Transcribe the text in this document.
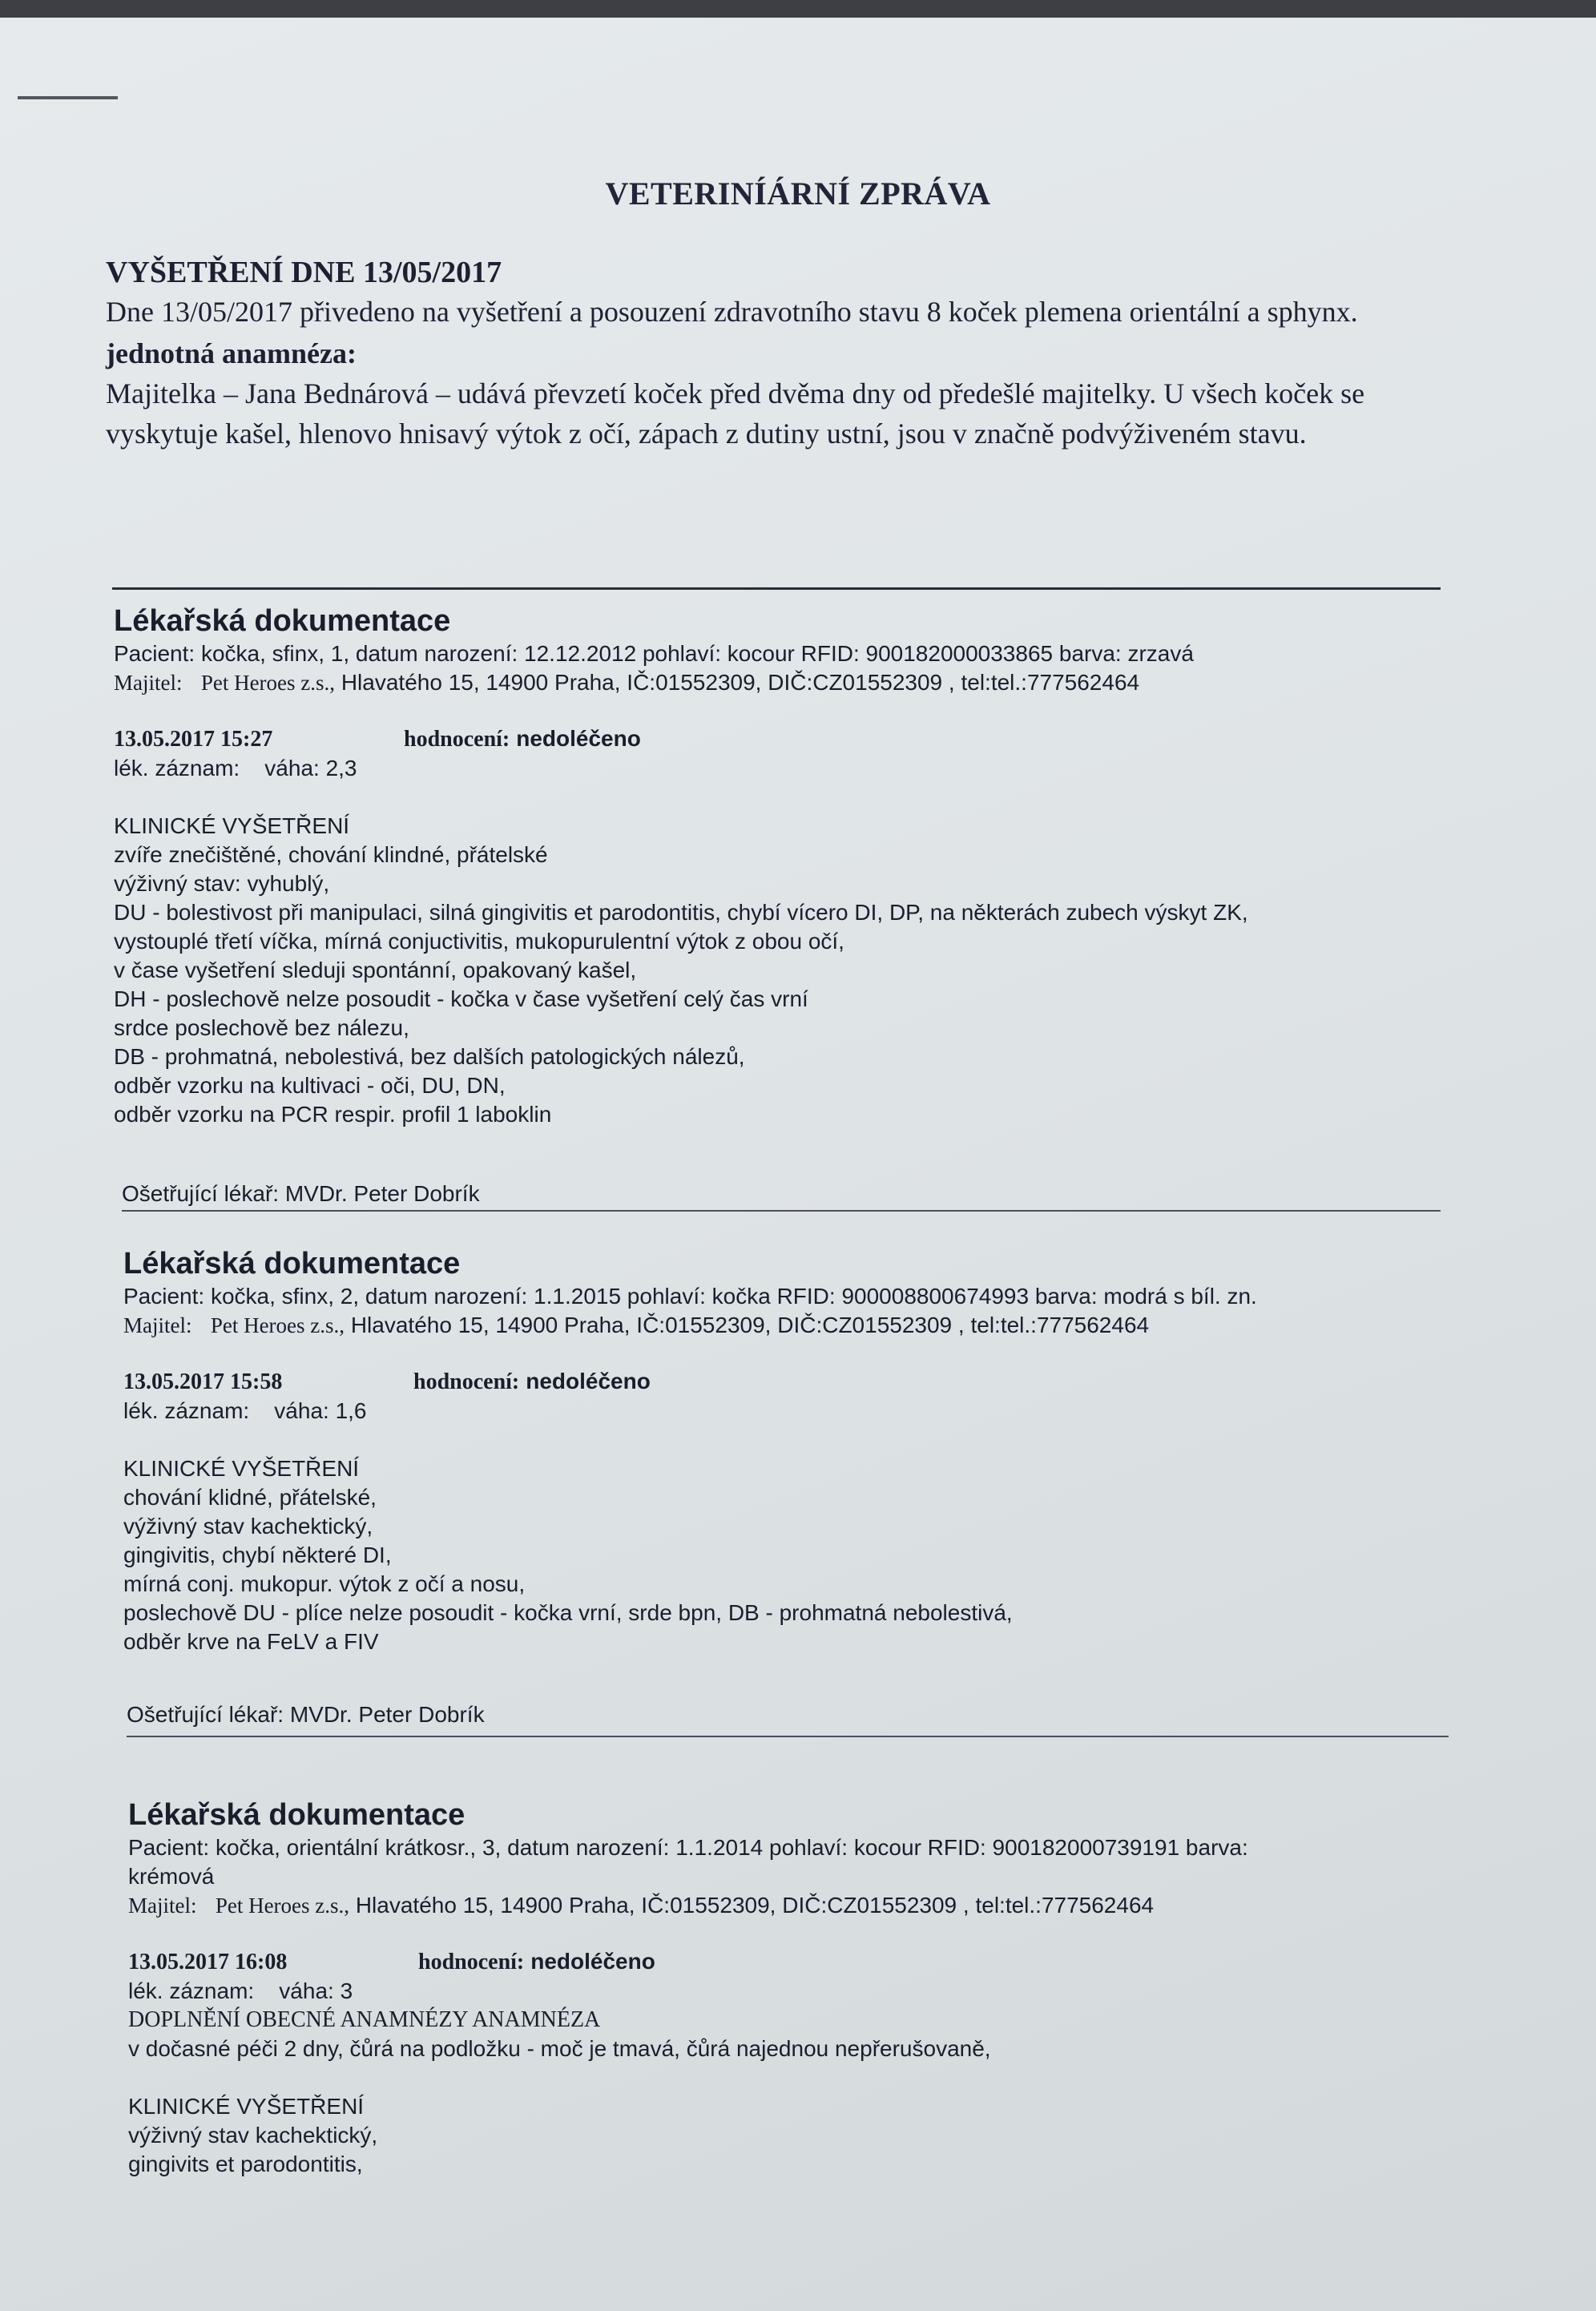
VETERINÍÁRNÍ ZPRÁVA

VYŠETŘENÍ DNE 13/05/2017

Dne 13/05/2017 přivedeno na vyšetření a posouzení zdravotního stavu 8 koček plemena orientální a sphynx.

jednotná anamnéza:

Majitelka – Jana Bednárová – udává převzetí koček před dvěma dny od předešlé majitelky. U všech koček se vyskytuje kašel, hlenovo hnisavý výtok z očí, zápach z dutiny ustní, jsou v značně podvýživeném stavu.

Lékařská dokumentace

Pacient: kočka, sfinx, 1, datum narození: 12.12.2012 pohlaví: kocour RFID: 900182000033865 barva: zrzavá

Majitel: Pet Heroes z.s., Hlavatého 15, 14900 Praha, IČ:01552309, DIČ:CZ01552309 , tel:tel.:777562464

13.05.2017 15:27	hodnocení: nedoléčeno

lék. záznam: váha: 2,3

KLINICKÉ VYŠETŘENÍ

zvíře znečištěné, chování klindné, přátelské

výživný stav: vyhublý,

DU - bolestivost při manipulaci, silná gingivitis et parodontitis, chybí vícero DI, DP, na některách zubech výskyt ZK,

vystouplé třetí víčka, mírná conjuctivitis, mukopurulentní výtok z obou očí,

v čase vyšetření sleduji spontánní, opakovaný kašel,

DH - poslechově nelze posoudit - kočka v čase vyšetření celý čas vrní

srdce poslechově bez nálezu,

DB - prohmatná, nebolestivá, bez dalších patologických nálezů,

odběr vzorku na kultivaci - oči, DU, DN,

odběr vzorku na PCR respir. profil 1 laboklin

Ošetřující lékař: MVDr. Peter Dobrík

Lékařská dokumentace

Pacient: kočka, sfinx, 2, datum narození: 1.1.2015 pohlaví: kočka RFID: 900008800674993 barva: modrá s bíl. zn.

Majitel: Pet Heroes z.s., Hlavatého 15, 14900 Praha, IČ:01552309, DIČ:CZ01552309 , tel:tel.:777562464

13.05.2017 15:58	hodnocení: nedoléčeno

lék. záznam: váha: 1,6

KLINICKÉ VYŠETŘENÍ

chování klidné, přátelské,

výživný stav kachektický,

gingivitis, chybí některé DI,

mírná conj. mukopur. výtok z očí a nosu,

poslechově DU - plíce nelze posoudit - kočka vrní, srde bpn, DB - prohmatná nebolestivá,

odběr krve na FeLV a FIV

Ošetřující lékař: MVDr. Peter Dobrík

Lékařská dokumentace

Pacient: kočka, orientální krátkosr., 3, datum narození: 1.1.2014 pohlaví: kocour RFID: 900182000739191 barva:

krémová

Majitel: Pet Heroes z.s., Hlavatého 15, 14900 Praha, IČ:01552309, DIČ:CZ01552309 , tel:tel.:777562464

13.05.2017 16:08	hodnocení: nedoléčeno

lék. záznam: váha: 3

DOPLNĚNÍ OBECNÉ ANAMNÉZY ANAMNÉZA

v dočasné péči 2 dny, čůrá na podložku - moč je tmavá, čůrá najednou nepřerušovaně,

KLINICKÉ VYŠETŘENÍ

výživný stav kachektický,

gingivits et parodontitis,
